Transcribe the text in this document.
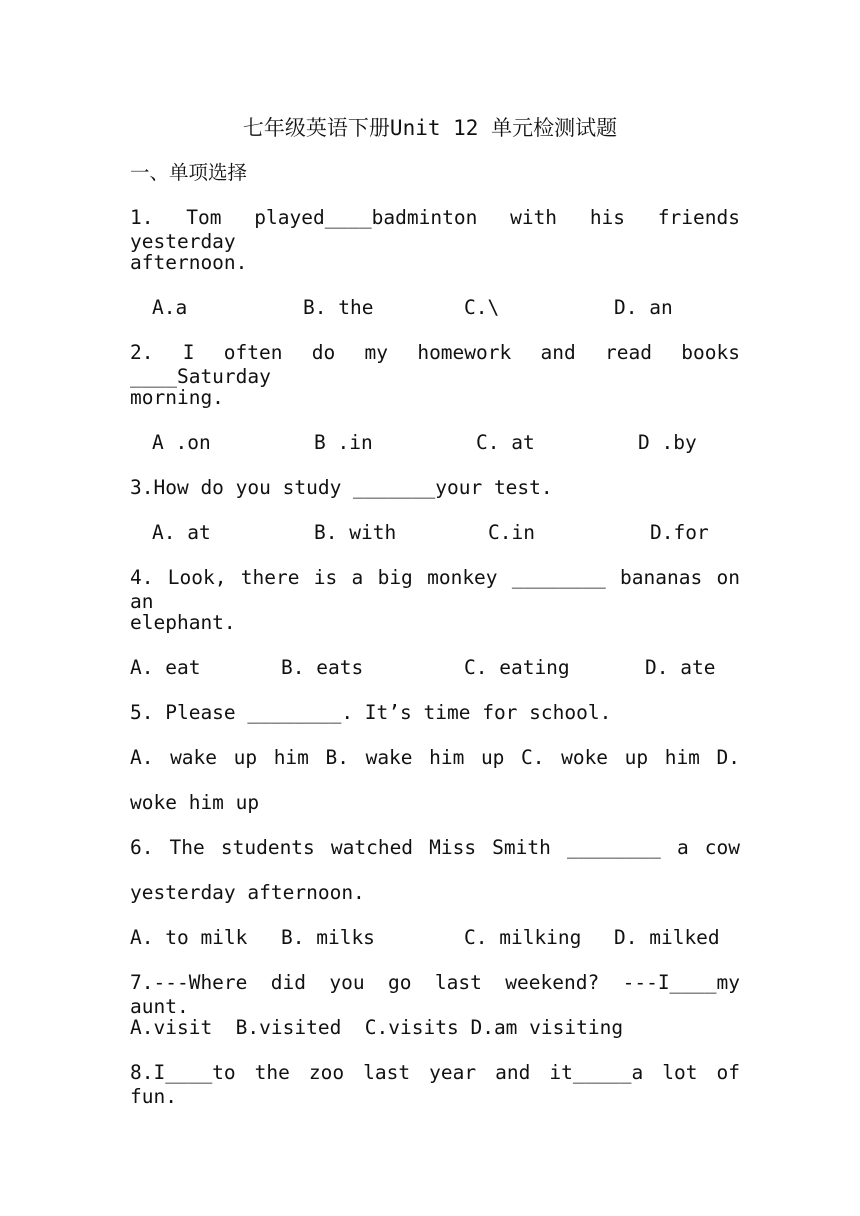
七年级英语下册Unit 12 单元检测试题
一、单项选择
1. Tom played____badminton with his friends yesterday
afternoon.
A.a	B. the	C.\	D. an
2. I often do my homework and read books ____Saturday
morning.
A .on	B .in	C. at	D .by
3.How do you study _______your test.
A. at	B. with	C.in	D.for
4. Look, there is a big monkey ________ bananas on an
elephant.
A. eat	B. eats	C. eating	D. ate
5. Please ________. It’s time for school.
A. wake up him B. wake him up C. woke up him D.
woke him up
6. The students watched Miss Smith ________ a cow
yesterday afternoon.
A. to milk B. milks	C. milking D. milked
7.---Where did you go last weekend? ---I____my aunt.
A.visit  B.visited  C.visits D.am visiting
8.I____to the zoo last year and it_____a lot of fun.
